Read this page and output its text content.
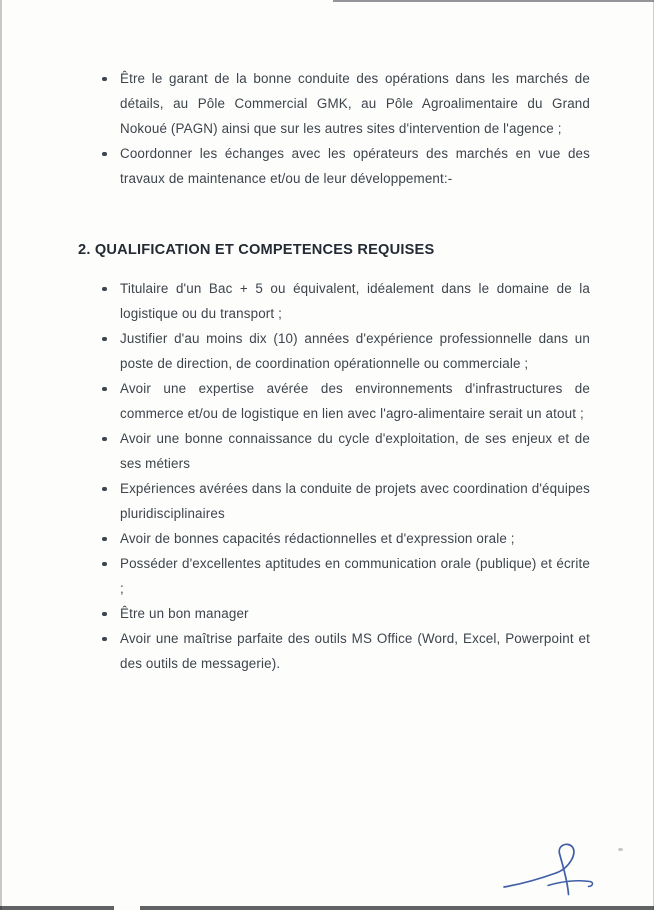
Être le garant de la bonne conduite des opérations dans les marchés de détails, au Pôle Commercial GMK, au Pôle Agroalimentaire du Grand Nokoué (PAGN) ainsi que sur les autres sites d'intervention de l'agence ;
Coordonner les échanges avec les opérateurs des marchés en vue des travaux de maintenance et/ou de leur développement:-
2. QUALIFICATION ET COMPETENCES REQUISES
Titulaire d'un Bac + 5 ou équivalent, idéalement dans le domaine de la logistique ou du transport ;
Justifier d'au moins dix (10) années d'expérience professionnelle dans un poste de direction, de coordination opérationnelle ou commerciale ;
Avoir une expertise avérée des environnements d'infrastructures de commerce et/ou de logistique en lien avec l'agro-alimentaire serait un atout ;
Avoir une bonne connaissance du cycle d'exploitation, de ses enjeux et de ses métiers
Expériences avérées dans la conduite de projets avec coordination d'équipes pluridisciplinaires
Avoir de bonnes capacités rédactionnelles et d'expression orale ;
Posséder d'excellentes aptitudes en communication orale (publique) et écrite ;
Être un bon manager
Avoir une maîtrise parfaite des outils MS Office (Word, Excel, Powerpoint et des outils de messagerie).
